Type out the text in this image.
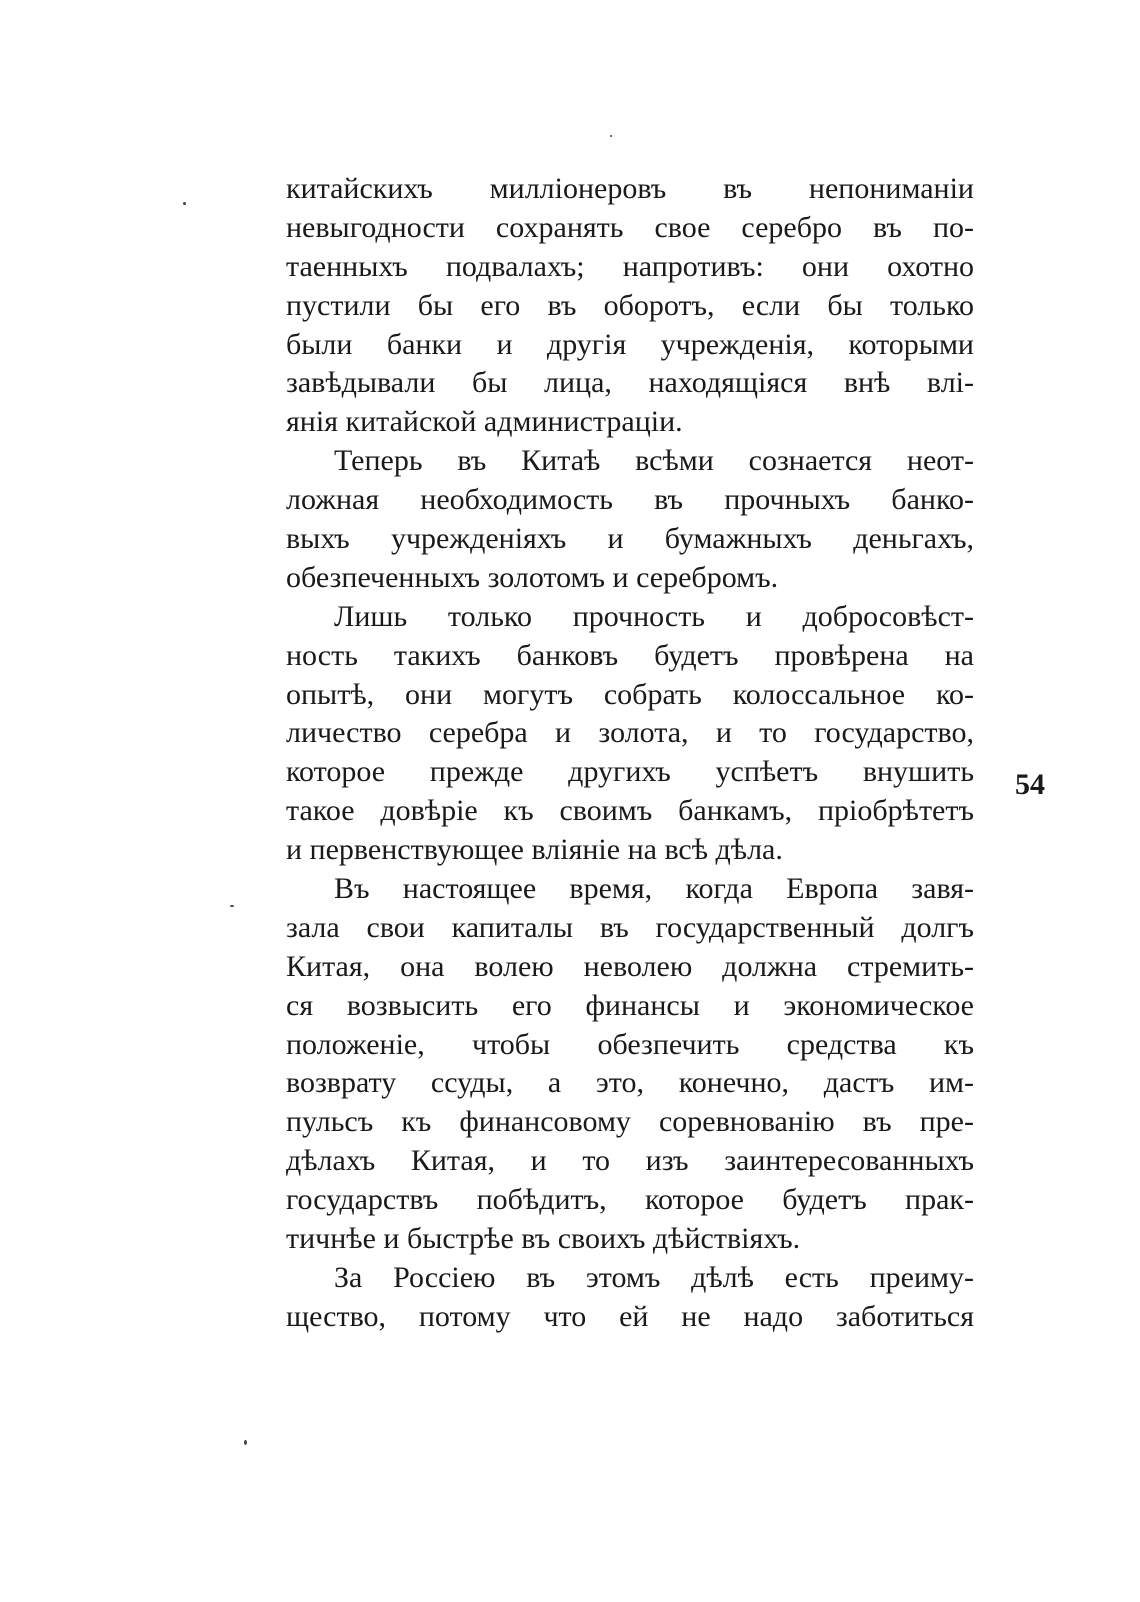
китайскихъ миллiонеровъ въ непониманiи
невыгодности сохранять свое серебро въ по-
таенныхъ подвалахъ; напротивъ: они охотно
пустили бы его въ оборотъ, если бы только
были банки и другiя учрежденiя, которыми
завѣдывали бы лица, находящiяся внѣ влi-
янiя китайской администрацiи.
Теперь въ Китаѣ всѣми сознается неот-
ложная необходимость въ прочныхъ банко-
выхъ учрежденiяхъ и бумажныхъ деньгахъ,
обезпеченныхъ золотомъ и серебромъ.
Лишь только прочность и добросовѣст-
ность такихъ банковъ будетъ провѣрена на
опытѣ, они могутъ собрать колоссальное ко-
личество серебра и золота, и то государство,
которое прежде другихъ успѣетъ внушить
такое довѣрiе къ своимъ банкамъ, прiобрѣтетъ
и первенствующее влiянiе на всѣ дѣла.
Въ настоящее время, когда Европа завя-
зала свои капиталы въ государственный долгъ
Китая, она волею неволею должна стремить-
ся возвысить его финансы и экономическое
положенiе, чтобы обезпечить средства къ
возврату ссуды, а это, конечно, дастъ им-
пульсъ къ финансовому соревнованiю въ пре-
дѣлахъ Китая, и то изъ заинтересованныхъ
государствъ побѣдитъ, которое будетъ прак-
тичнѣе и быстрѣе въ своихъ дѣйствiяхъ.
За Россiею въ этомъ дѣлѣ есть преиму-
щество, потому что ей не надо заботиться
54
